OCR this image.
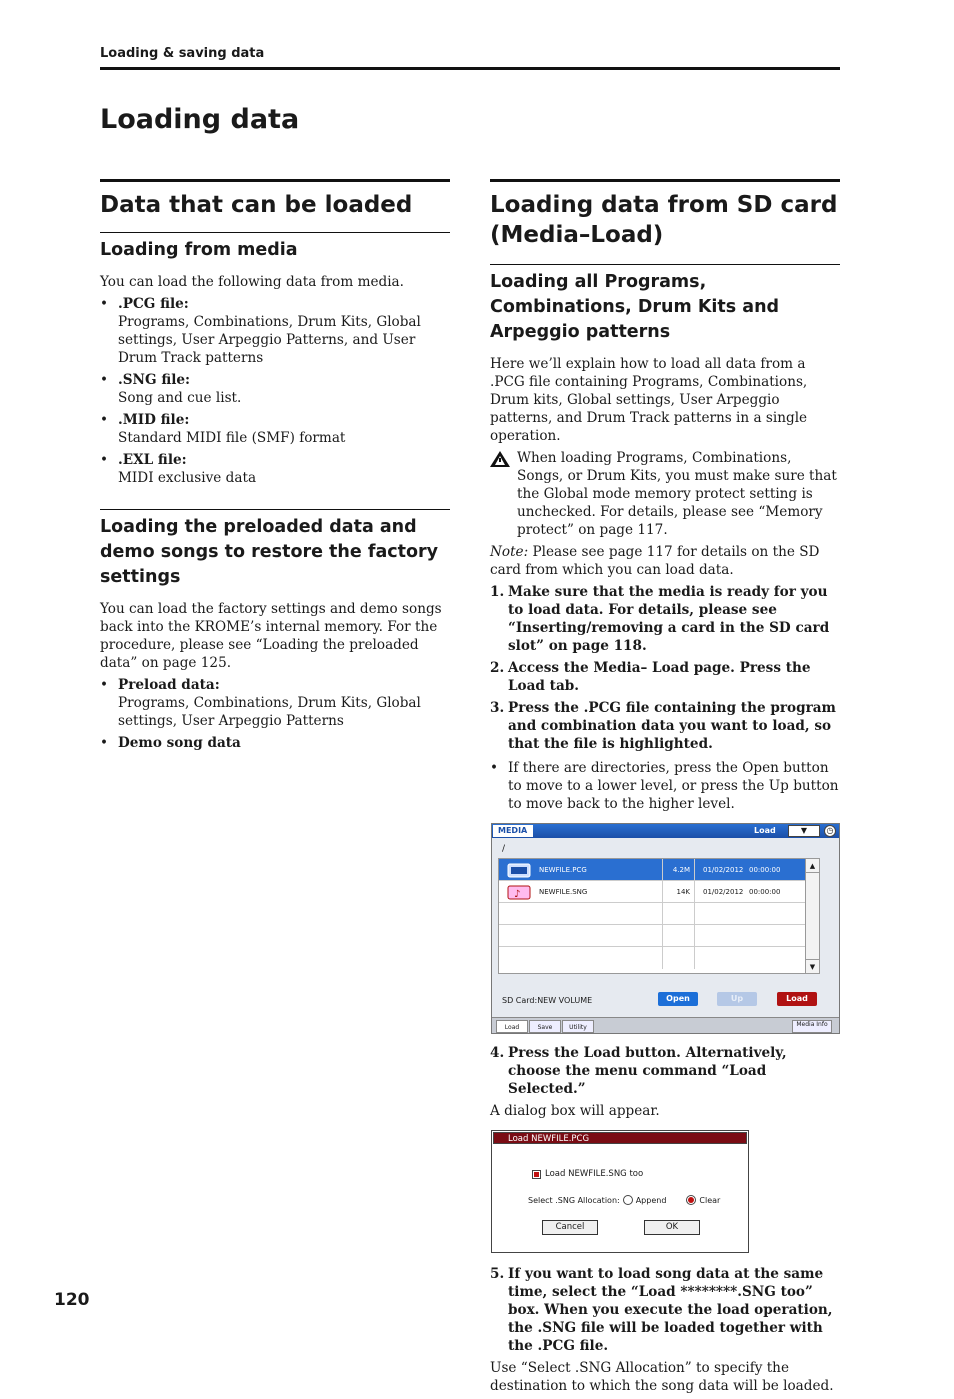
Loading & saving data
Loading data
Data that can be loaded
Loading from media

You can load the following data from media.

• .PCG file:
Programs, Combinations, Drum Kits, Global settings, User Arpeggio Patterns, and User Drum Track patterns
• .SNG file:
Song and cue list.
• .MID file:
Standard MIDI file (SMF) format
• .EXL file:
MIDI exclusive data
Loading the preloaded data and demo songs to restore the factory settings

You can load the factory settings and demo songs back into the KROME’s internal memory. For the procedure, please see “Loading the preloaded data” on page 125.

• Preload data:
Programs, Combinations, Drum Kits, Global settings, User Arpeggio Patterns
• Demo song data
Loading data from SD card (Media–Load)
Loading all Programs, Combinations, Drum Kits and Arpeggio patterns

Here we’ll explain how to load all data from a .PCG file containing Programs, Combinations, Drum kits, Global settings, User Arpeggio patterns, and Drum Track patterns in a single operation.

When loading Programs, Combinations, Songs, or Drum Kits, you must make sure that the Global mode memory protect setting is unchecked. For details, please see “Memory protect” on page 117.

Note: Please see page 117 for details on the SD card from which you can load data.

1. Make sure that the media is ready for you to load data. For details, please see “Inserting/removing a card in the SD card slot” on page 118.
2. Access the Media– Load page. Press the Load tab.
3. Press the .PCG file containing the program and combination data you want to load, so that the file is highlighted.
• If there are directories, press the Open button to move to a lower level, or press the Up button to move back to the higher level.
MEDIA	Load	▼	◷
/
NEWFILE.PCG	4.2M	01/02/2012 00:00:00
♪	NEWFILE.SNG	14K	01/02/2012 00:00:00
▲
▼
SD Card:NEW VOLUME	Open	Up	Load
Load	Save	Utility	Media Info
4. Press the Load button. Alternatively, choose the menu command “Load Selected.”

A dialog box will appear.

Load NEWFILE.PCG
Load NEWFILE.SNG too
Select .SNG Allocation: Append	Clear
Cancel	OK
5. If you want to load song data at the same time, select the “Load ********.SNG too” box. When you execute the load operation, the .SNG file will be loaded together with the .PCG file.

Use “Select .SNG Allocation” to specify the destination to which the song data will be loaded.

120
